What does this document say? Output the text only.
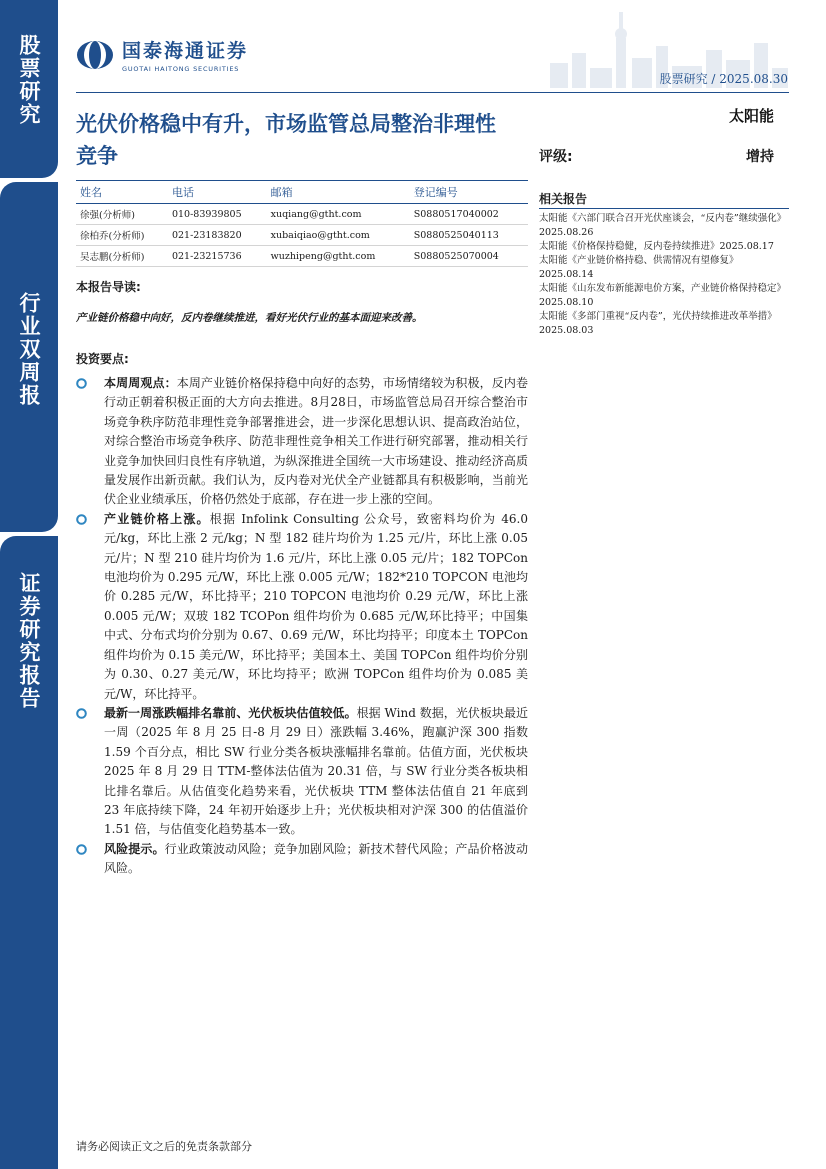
股票研究
行业双周报
证券研究报告
国泰海通证券
GUOTAI HAITONG SECURITIES
股票研究 / 2025.08.30
光伏价格稳中有升，市场监管总局整治非理性竞争
太阳能
评级:	增持
姓名	电话	邮箱	登记编号
徐强(分析师)	010-83939805	xuqiang@gtht.com	S0880517040002
徐柏乔(分析师)	021-23183820	xubaiqiao@gtht.com	S0880525040113
吴志鹏(分析师)	021-23215736	wuzhipeng@gtht.com	S0880525070004
相关报告
太阳能《六部门联合召开光伏座谈会，“反内卷”继续强化》2025.08.26
太阳能《价格保持稳健，反内卷持续推进》2025.08.17
太阳能《产业链价格持稳、供需情况有望修复》2025.08.14
太阳能《山东发布新能源电价方案，产业链价格保持稳定》2025.08.10
太阳能《多部门重视“反内卷”，光伏持续推进改革举措》2025.08.03
本报告导读:
产业链价格稳中向好，反内卷继续推进，看好光伏行业的基本面迎来改善。
投资要点:
本周周观点：本周产业链价格保持稳中向好的态势，市场情绪较为积极，反内卷行动正朝着积极正面的大方向去推进。8月28日，市场监管总局召开综合整治市场竞争秩序防范非理性竞争部署推进会，进一步深化思想认识、提高政治站位，对综合整治市场竞争秩序、防范非理性竞争相关工作进行研究部署，推动相关行业竞争加快回归良性有序轨道，为纵深推进全国统一大市场建设、推动经济高质量发展作出新贡献。我们认为，反内卷对光伏全产业链都具有积极影响，当前光伏企业业绩承压，价格仍然处于底部，存在进一步上涨的空间。
产业链价格上涨。根据 Infolink Consulting 公众号，致密料均价为 46.0 元/kg，环比上涨 2 元/kg；N 型 182 硅片均价为 1.25 元/片，环比上涨 0.05 元/片；N 型 210 硅片均价为 1.6 元/片，环比上涨 0.05 元/片；182 TOPCon 电池均价为 0.295 元/W，环比上涨 0.005 元/W；182*210 TOPCON 电池均价 0.285 元/W，环比持平；210 TOPCON 电池均价 0.29 元/W，环比上涨 0.005 元/W；双玻 182 TCOPon 组件均价为 0.685 元/W,环比持平；中国集中式、分布式均价分别为 0.67、0.69 元/W，环比均持平；印度本土 TOPCon 组件均价为 0.15 美元/W，环比持平；美国本土、美国 TOPCon 组件均价分别为 0.30、0.27 美元/W，环比均持平；欧洲 TOPCon 组件均价为 0.085 美元/W，环比持平。
最新一周涨跌幅排名靠前、光伏板块估值较低。根据 Wind 数据，光伏板块最近一周（2025 年 8 月 25 日-8 月 29 日）涨跌幅 3.46%，跑赢沪深 300 指数 1.59 个百分点，相比 SW 行业分类各板块涨幅排名靠前。估值方面，光伏板块 2025 年 8 月 29 日 TTM-整体法估值为 20.31 倍，与 SW 行业分类各板块相比排名靠后。从估值变化趋势来看，光伏板块 TTM 整体法估值自 21 年底到 23 年底持续下降，24 年初开始逐步上升；光伏板块相对沪深 300 的估值溢价 1.51 倍，与估值变化趋势基本一致。
风险提示。行业政策波动风险；竞争加剧风险；新技术替代风险；产品价格波动风险。
请务必阅读正文之后的免责条款部分
